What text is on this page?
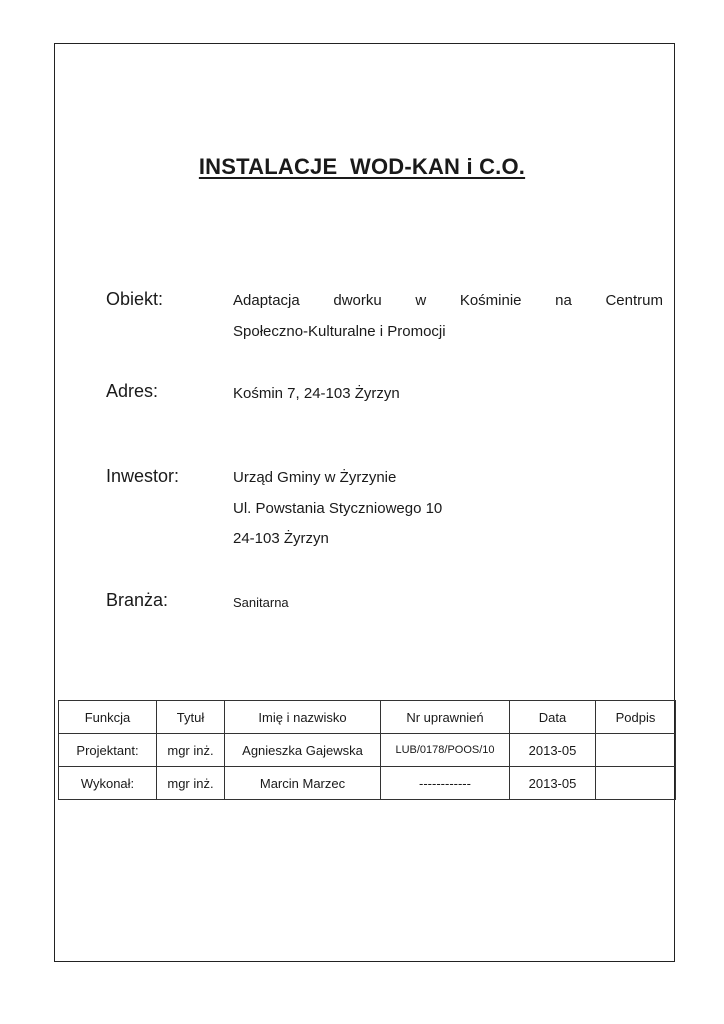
INSTALACJE  WOD-KAN i C.O.
Obiekt:	Adaptacja dworku w Kośminie na Centrum
Społeczno-Kulturalne i Promocji
Adres:	Kośmin 7, 24-103 Żyrzyn
Inwestor:	Urząd Gminy w Żyrzynie
Ul. Powstania Styczniowego 10
24-103 Żyrzyn
Branża:	Sanitarna
Funkcja	Tytuł	Imię i nazwisko	Nr uprawnień	Data	Podpis
Projektant:	mgr inż.	Agnieszka Gajewska	LUB/0178/POOS/10	2013-05	
Wykonał:	mgr inż.	Marcin Marzec	------------	2013-05	
